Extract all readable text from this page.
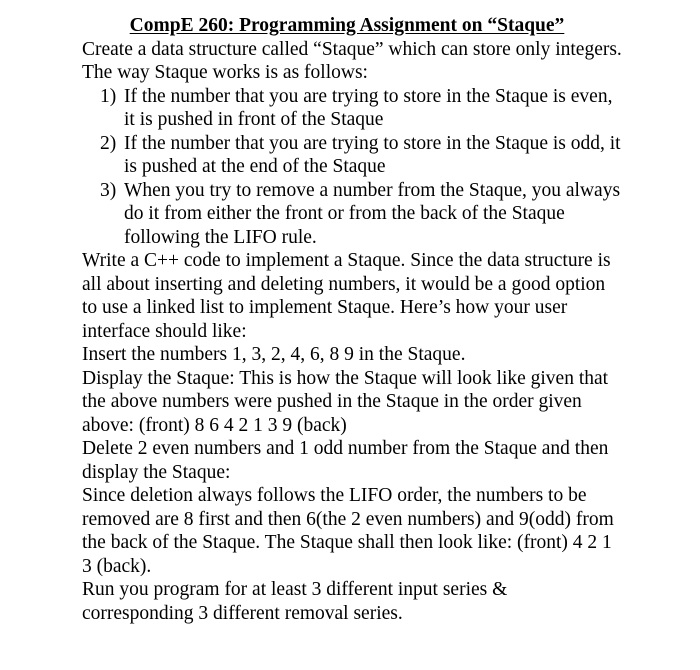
CompE 260: Programming Assignment on “Staque”

Create a data structure called “Staque” which can store only integers. The way Staque works is as follows:

1) If the number that you are trying to store in the Staque is even, it is pushed in front of the Staque
2) If the number that you are trying to store in the Staque is odd, it is pushed at the end of the Staque
3) When you try to remove a number from the Staque, you always do it from either the front or from the back of the Staque following the LIFO rule.

Write a C++ code to implement a Staque. Since the data structure is all about inserting and deleting numbers, it would be a good option to use a linked list to implement Staque. Here’s how your user interface should like:

Insert the numbers 1, 3, 2, 4, 6, 8 9 in the Staque.

Display the Staque: This is how the Staque will look like given that the above numbers were pushed in the Staque in the order given above: (front) 8 6 4 2 1 3 9 (back)

Delete 2 even numbers and 1 odd number from the Staque and then display the Staque:

Since deletion always follows the LIFO order, the numbers to be removed are 8 first and then 6(the 2 even numbers) and 9(odd) from the back of the Staque. The Staque shall then look like: (front) 4 2 1 3 (back).

Run you program for at least 3 different input series & corresponding 3 different removal series.
